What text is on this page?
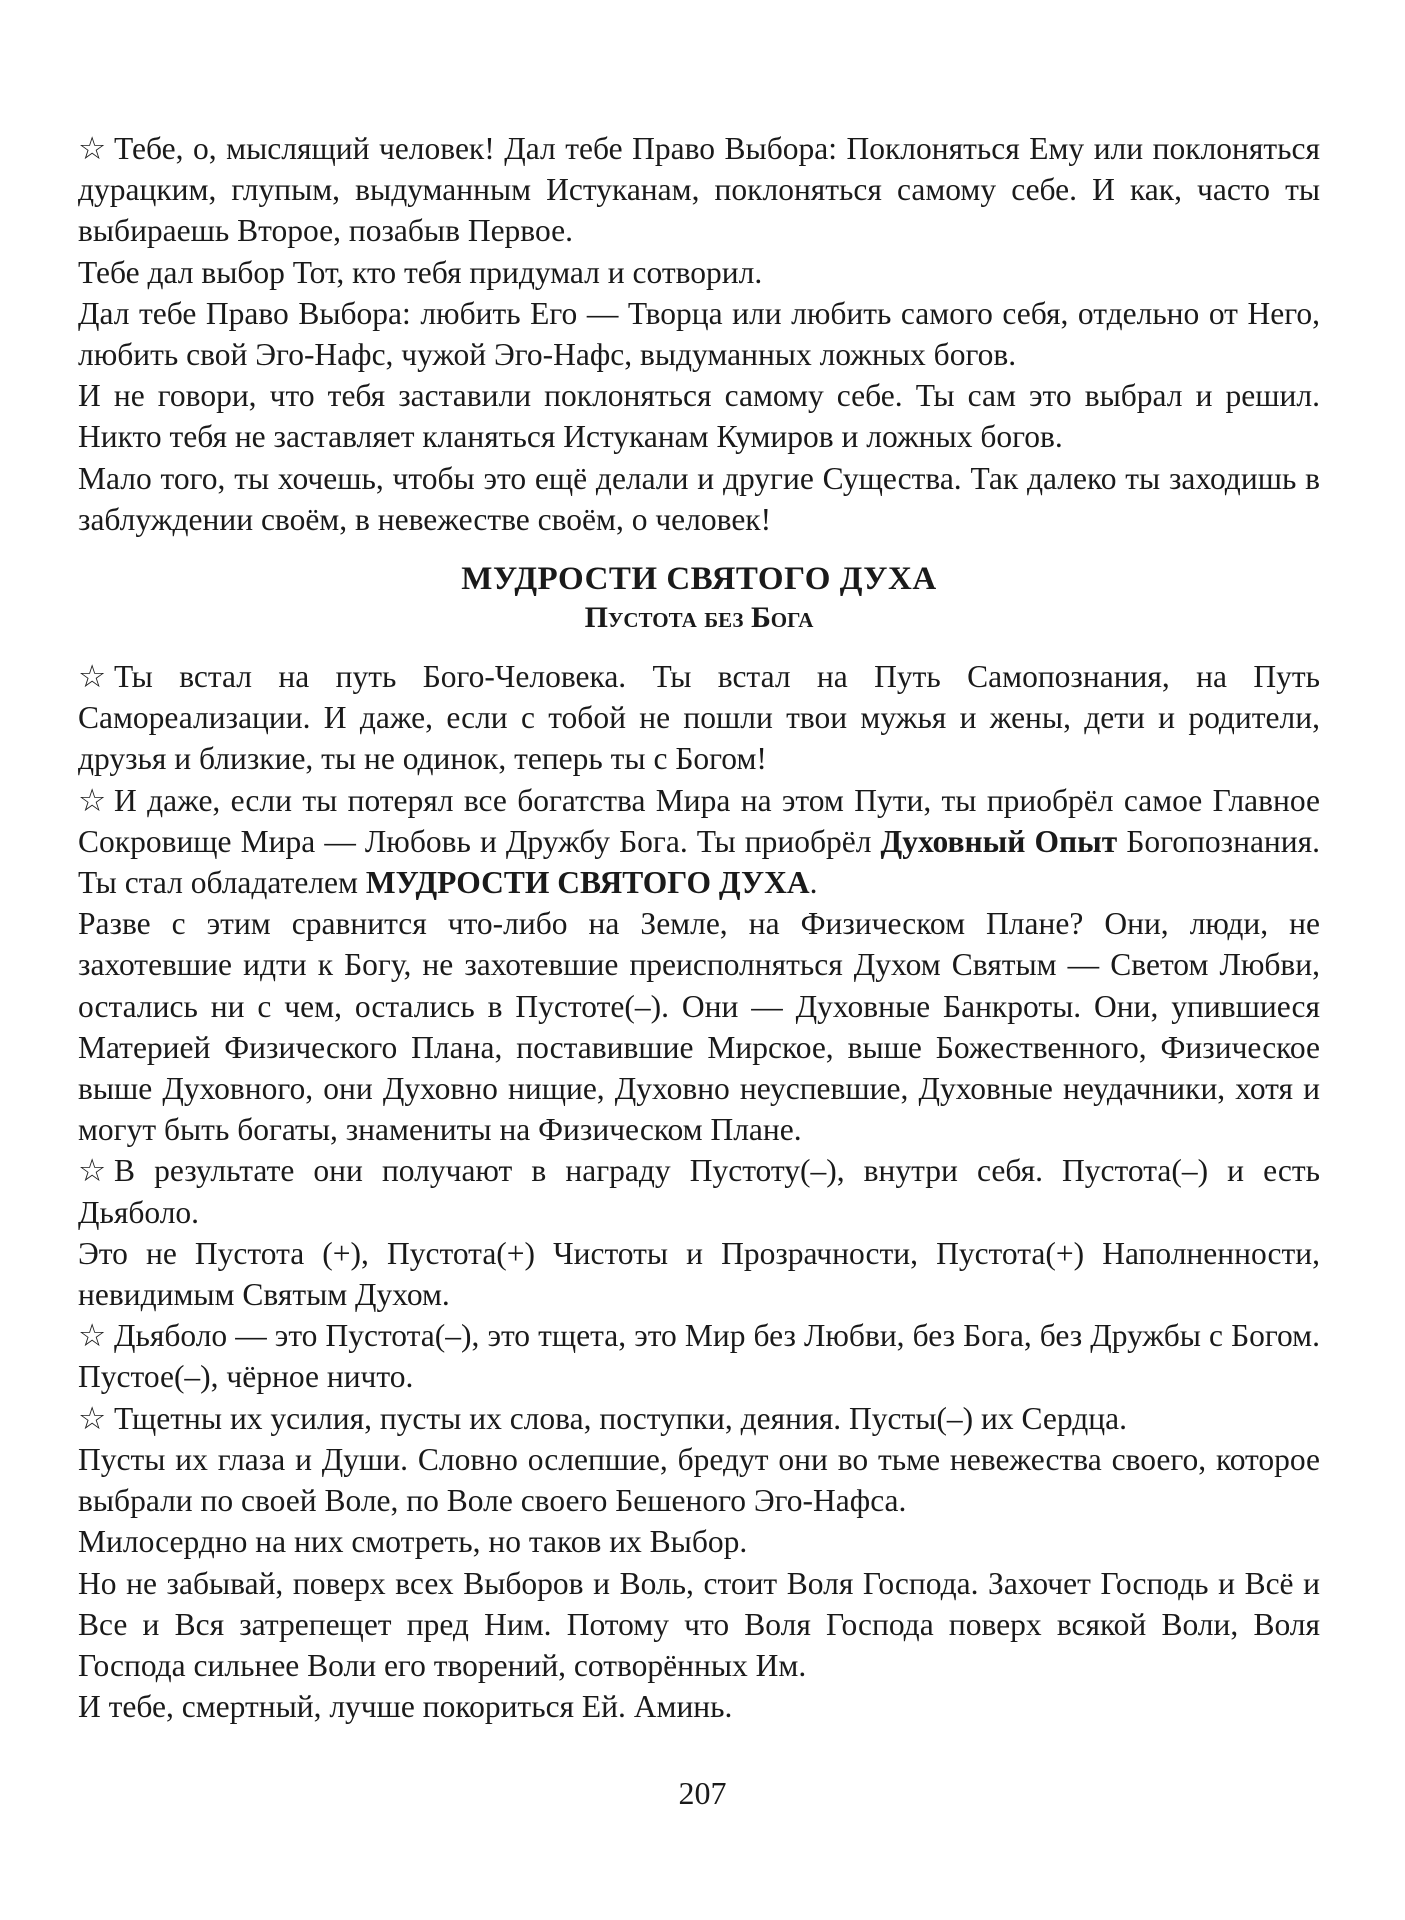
☆ Тебе, о, мыслящий человек! Дал тебе Право Выбора: Поклоняться Ему или поклоняться дурацким, глупым, выдуманным Истуканам, поклоняться самому себе. И как, часто ты выбираешь Второе, позабыв Первое.

Тебе дал выбор Тот, кто тебя придумал и сотворил.

Дал тебе Право Выбора: любить Его — Творца или любить самого себя, отдельно от Него, любить свой Эго-Нафс, чужой Эго-Нафс, выдуманных ложных богов.

И не говори, что тебя заставили поклоняться самому себе. Ты сам это выбрал и решил. Никто тебя не заставляет кланяться Истуканам Кумиров и ложных богов.

Мало того, ты хочешь, чтобы это ещё делали и другие Существа. Так далеко ты заходишь в заблуждении своём, в невежестве своём, о человек!

МУДРОСТИ СВЯТОГО ДУХА

Пустота без Бога

☆ Ты встал на путь Бого-Человека. Ты встал на Путь Самопознания, на Путь Самореализации. И даже, если с тобой не пошли твои мужья и жены, дети и родители, друзья и близкие, ты не одинок, теперь ты с Богом!

☆ И даже, если ты потерял все богатства Мира на этом Пути, ты приобрёл самое Главное Сокровище Мира — Любовь и Дружбу Бога. Ты приобрёл Духовный Опыт Богопознания. Ты стал обладателем МУДРОСТИ СВЯТОГО ДУХА.

Разве с этим сравнится что-либо на Земле, на Физическом Плане? Они, люди, не захотевшие идти к Богу, не захотевшие преисполняться Духом Святым — Светом Любви, остались ни с чем, остались в Пустоте(–). Они — Духовные Банкроты. Они, упившиеся Материей Физического Плана, поставившие Мирское, выше Божественного, Физическое выше Духовного, они Духовно нищие, Духовно неуспевшие, Духовные неудачники, хотя и могут быть богаты, знамениты на Физическом Плане.

☆ В результате они получают в награду Пустоту(–), внутри себя. Пустота(–) и есть Дьяболо.

Это не Пустота (+), Пустота(+) Чистоты и Прозрачности, Пустота(+) Наполненности, невидимым Святым Духом.

☆ Дьяболо — это Пустота(–), это тщета, это Мир без Любви, без Бога, без Дружбы с Богом. Пустое(–), чёрное ничто.

☆ Тщетны их усилия, пусты их слова, поступки, деяния. Пусты(–) их Сердца.

Пусты их глаза и Души. Словно ослепшие, бредут они во тьме невежества своего, которое выбрали по своей Воле, по Воле своего Бешеного Эго-Нафса.

Милосердно на них смотреть, но таков их Выбор.

Но не забывай, поверх всех Выборов и Воль, стоит Воля Господа. Захочет Господь и Всё и Все и Вся затрепещет пред Ним. Потому что Воля Господа поверх всякой Воли, Воля Господа сильнее Воли его творений, сотворённых Им.

И тебе, смертный, лучше покориться Ей. Аминь.

207
